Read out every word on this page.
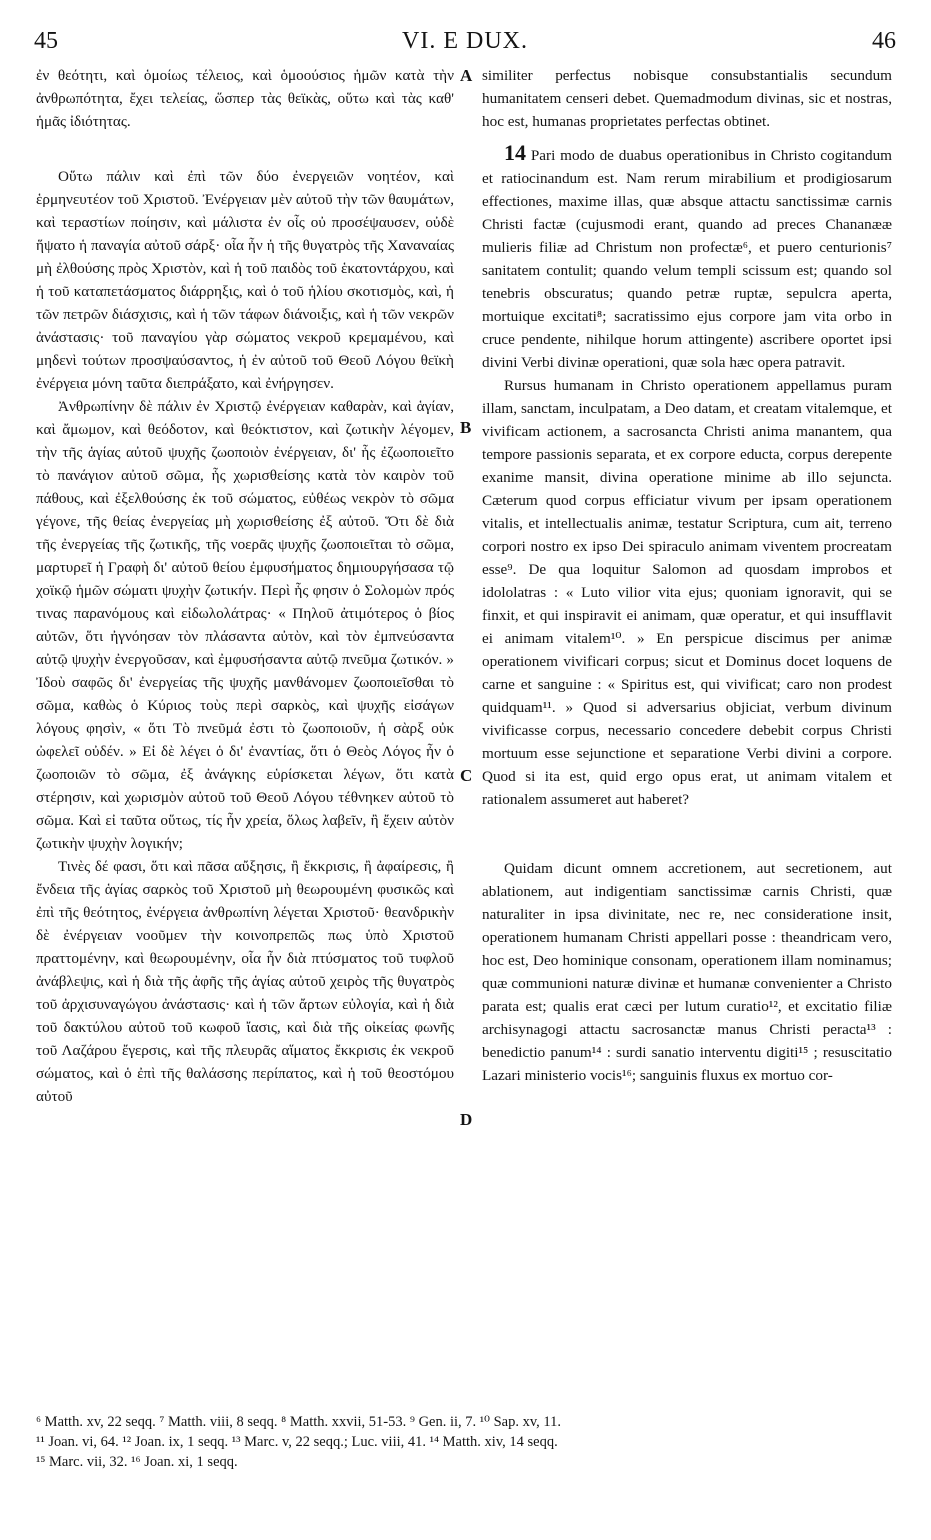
45	VI. E DUX.	46

ἐν θεότητι, καὶ ὁμοίως τέλειος, καὶ ὁμοούσιος ἡμῶν κατὰ τὴν ἀνθρωπότητα, ἔχει τελείας, ὥσπερ τὰς θεϊκὰς, οὕτω καὶ τὰς καθ' ἡμᾶς ἰδιότητας.

Οὕτω πάλιν καὶ ἐπὶ τῶν δύο ἐνεργειῶν νοητέον, καὶ ἑρμηνευτέον τοῦ Χριστοῦ. Ἐνέργειαν μὲν αὐτοῦ τὴν τῶν θαυμάτων, καὶ τεραστίων ποίησιν, καὶ μάλιστα ἐν οἷς οὐ προσέψαυσεν, οὐδὲ ἥψατο ἡ παναγία αὐτοῦ σάρξ· οἷα ἦν ἡ τῆς θυγατρὸς τῆς Χαναναίας μὴ ἐλθούσης πρὸς Χριστὸν, καὶ ἡ τοῦ παιδὸς τοῦ ἑκατοντάρχου, καὶ ἡ τοῦ καταπετάσματος διάρρηξις, καὶ ὁ τοῦ ἡλίου σκοτισμὸς, καὶ, ἡ τῶν πετρῶν διάσχισις, καὶ ἡ τῶν τάφων διάνοιξις, καὶ ἡ τῶν νεκρῶν ἀνάστασις· τοῦ παναγίου γὰρ σώματος νεκροῦ κρεμαμένου, καὶ μηδενὶ τούτων προσψαύσαντος, ἡ ἐν αὐτοῦ τοῦ Θεοῦ Λόγου θεϊκὴ ἐνέργεια μόνη ταῦτα διεπράξατο, καὶ ἐνήργησεν.

Ἀνθρωπίνην δὲ πάλιν ἐν Χριστῷ ἐνέργειαν καθαρὰν, καὶ ἁγίαν, καὶ ἄμωμον, καὶ θεόδοτον, καὶ θεόκτιστον, καὶ ζωτικὴν λέγομεν, τὴν τῆς ἁγίας αὐτοῦ ψυχῆς ζωοποιὸν ἐνέργειαν, δι' ἧς ἐζωοποιεῖτο τὸ πανάγιον αὐτοῦ σῶμα, ἧς χωρισθείσης κατὰ τὸν καιρὸν τοῦ πάθους, καὶ ἐξελθούσης ἐκ τοῦ σώματος, εὐθέως νεκρὸν τὸ σῶμα γέγονε, τῆς θείας ἐνεργείας μὴ χωρισθείσης ἐξ αὐτοῦ. Ὅτι δὲ διὰ τῆς ἐνεργείας τῆς ζωτικῆς, τῆς νοερᾶς ψυχῆς ζωοποιεῖται τὸ σῶμα, μαρτυρεῖ ἡ Γραφὴ δι' αὐτοῦ θείου ἐμφυσήματος δημιουργήσασα τῷ χοϊκῷ ἡμῶν σώματι ψυχὴν ζωτικήν. Περὶ ἧς φησιν ὁ Σολομὼν πρός τινας παρανόμους καὶ εἰδωλολάτρας· « Πηλοῦ ἀτιμότερος ὁ βίος αὐτῶν, ὅτι ἠγνόησαν τὸν πλάσαντα αὐτὸν, καὶ τὸν ἐμπνεύσαντα αὐτῷ ψυχὴν ἐνεργοῦσαν, καὶ ἐμφυσήσαντα αὐτῷ πνεῦμα ζωτικόν. » Ἰδοὺ σαφῶς δι' ἐνεργείας τῆς ψυχῆς μανθάνομεν ζωοποιεῖσθαι τὸ σῶμα, καθὼς ὁ Κύριος τοὺς περὶ σαρκὸς, καὶ ψυχῆς εἰσάγων λόγους φησὶν, « ὅτι Τὸ πνεῦμά ἐστι τὸ ζωοποιοῦν, ἡ σὰρξ οὐκ ὠφελεῖ οὐδέν. » Εἰ δὲ λέγει ὁ δι' ἐναντίας, ὅτι ὁ Θεὸς Λόγος ἦν ὁ ζωοποιῶν τὸ σῶμα, ἐξ ἀνάγκης εὑρίσκεται λέγων, ὅτι κατὰ στέρησιν, καὶ χωρισμὸν αὐτοῦ τοῦ Θεοῦ Λόγου τέθνηκεν αὐτοῦ τὸ σῶμα. Καὶ εἰ ταῦτα οὕτως, τίς ἦν χρεία, ὅλως λαβεῖν, ἢ ἔχειν αὐτὸν ζωτικὴν ψυχὴν λογικήν;

Τινὲς δέ φασι, ὅτι καὶ πᾶσα αὔξησις, ἢ ἔκκρισις, ἢ ἀφαίρεσις, ἢ ἔνδεια τῆς ἁγίας σαρκὸς τοῦ Χριστοῦ μὴ θεωρουμένη φυσικῶς καὶ ἐπὶ τῆς θεότητος, ἐνέργεια ἀνθρωπίνη λέγεται Χριστοῦ· θεανδρικὴν δὲ ἐνέργειαν νοοῦμεν τὴν κοινοπρεπῶς πως ὑπὸ Χριστοῦ πραττομένην, καὶ θεωρουμένην, οἷα ἦν διὰ πτύσματος τοῦ τυφλοῦ ἀνάβλεψις, καὶ ἡ διὰ τῆς ἀφῆς τῆς ἁγίας αὐτοῦ χειρὸς τῆς θυγατρὸς τοῦ ἀρχισυναγώγου ἀνάστασις· καὶ ἡ τῶν ἄρτων εὐλογία, καὶ ἡ διὰ τοῦ δακτύλου αὐτοῦ τοῦ κωφοῦ ἴασις, καὶ διὰ τῆς οἰκείας φωνῆς τοῦ Λαζάρου ἔγερσις, καὶ τῆς πλευρᾶς αἵματος ἔκκρισις ἐκ νεκροῦ σώματος, καὶ ὁ ἐπὶ τῆς θαλάσσης περίπατος, καὶ ἡ τοῦ θεοστόμου αὐτοῦ

similiter perfectus nobisque consubstantialis secundum humanitatem censeri debet. Quemadmodum divinas, sic et nostras, hoc est, humanas proprietates perfectas obtinet.

14 Pari modo de duabus operationibus in Christo cogitandum et ratiocinandum est. Nam rerum mirabilium et prodigiosarum effectiones, maxime illas, quæ absque attactu sanctissimæ carnis Christi factæ (cujusmodi erant, quando ad preces Chananææ mulieris filiæ ad Christum non profectæ⁶, et puero centurionis⁷ sanitatem contulit; quando velum templi scissum est; quando sol tenebris obscuratus; quando petræ ruptæ, sepulcra aperta, mortuique excitati⁸; sacratissimo ejus corpore jam vita orbo in cruce pendente, nihilque horum attingente) ascribere oportet ipsi divini Verbi divinæ operationi, quæ sola hæc opera patravit.

Rursus humanam in Christo operationem appellamus puram illam, sanctam, inculpatam, a Deo datam, et creatam vitalemque, et vivificam actionem, a sacrosancta Christi anima manantem, qua tempore passionis separata, et ex corpore educta, corpus derepente exanime mansit, divina operatione minime ab illo sejuncta. Cæterum quod corpus efficiatur vivum per ipsam operationem vitalis, et intellectualis animæ, testatur Scriptura, cum ait, terreno corpori nostro ex ipso Dei spiraculo animam viventem procreatam esse⁹. De qua loquitur Salomon ad quosdam improbos et idololatras : « Luto vilior vita ejus; quoniam ignoravit, qui se finxit, et qui inspiravit ei animam, quæ operatur, et qui insufflavit ei animam vitalem¹⁰. » En perspicue discimus per animæ operationem vivificari corpus; sicut et Dominus docet loquens de carne et sanguine : « Spiritus est, qui vivificat; caro non prodest quidquam¹¹. » Quod si adversarius objiciat, verbum divinum vivificasse corpus, necessario concedere debebit corpus Christi mortuum esse sejunctione et separatione Verbi divini a corpore. Quod si ita est, quid ergo opus erat, ut animam vitalem et rationalem assumeret aut haberet?

Quidam dicunt omnem accretionem, aut secretionem, aut ablationem, aut indigentiam sanctissimæ carnis Christi, quæ naturaliter in ipsa divinitate, nec re, nec consideratione insit, operationem humanam Christi appellari posse : theandricam vero, hoc est, Deo hominique consonam, operationem illam nominamus; quæ communioni naturæ divinæ et humanæ convenienter a Christo parata est; qualis erat cæci per lutum curatio¹², et excitatio filiæ archisynagogi attactu sacrosanctæ manus Christi peracta¹³ : benedictio panum¹⁴ : surdi sanatio interventu digiti¹⁵ ; resuscitatio Lazari ministerio vocis¹⁶; sanguinis fluxus ex mortuo cor-

A
B
C
D

⁶ Matth. xv, 22 seqq. ⁷ Matth. viii, 8 seqq. ⁸ Matth. xxvii, 51-53. ⁹ Gen. ii, 7. ¹⁰ Sap. xv, 11.

¹¹ Joan. vi, 64. ¹² Joan. ix, 1 seqq. ¹³ Marc. v, 22 seqq.; Luc. viii, 41. ¹⁴ Matth. xiv, 14 seqq.

¹⁵ Marc. vii, 32. ¹⁶ Joan. xi, 1 seqq.
